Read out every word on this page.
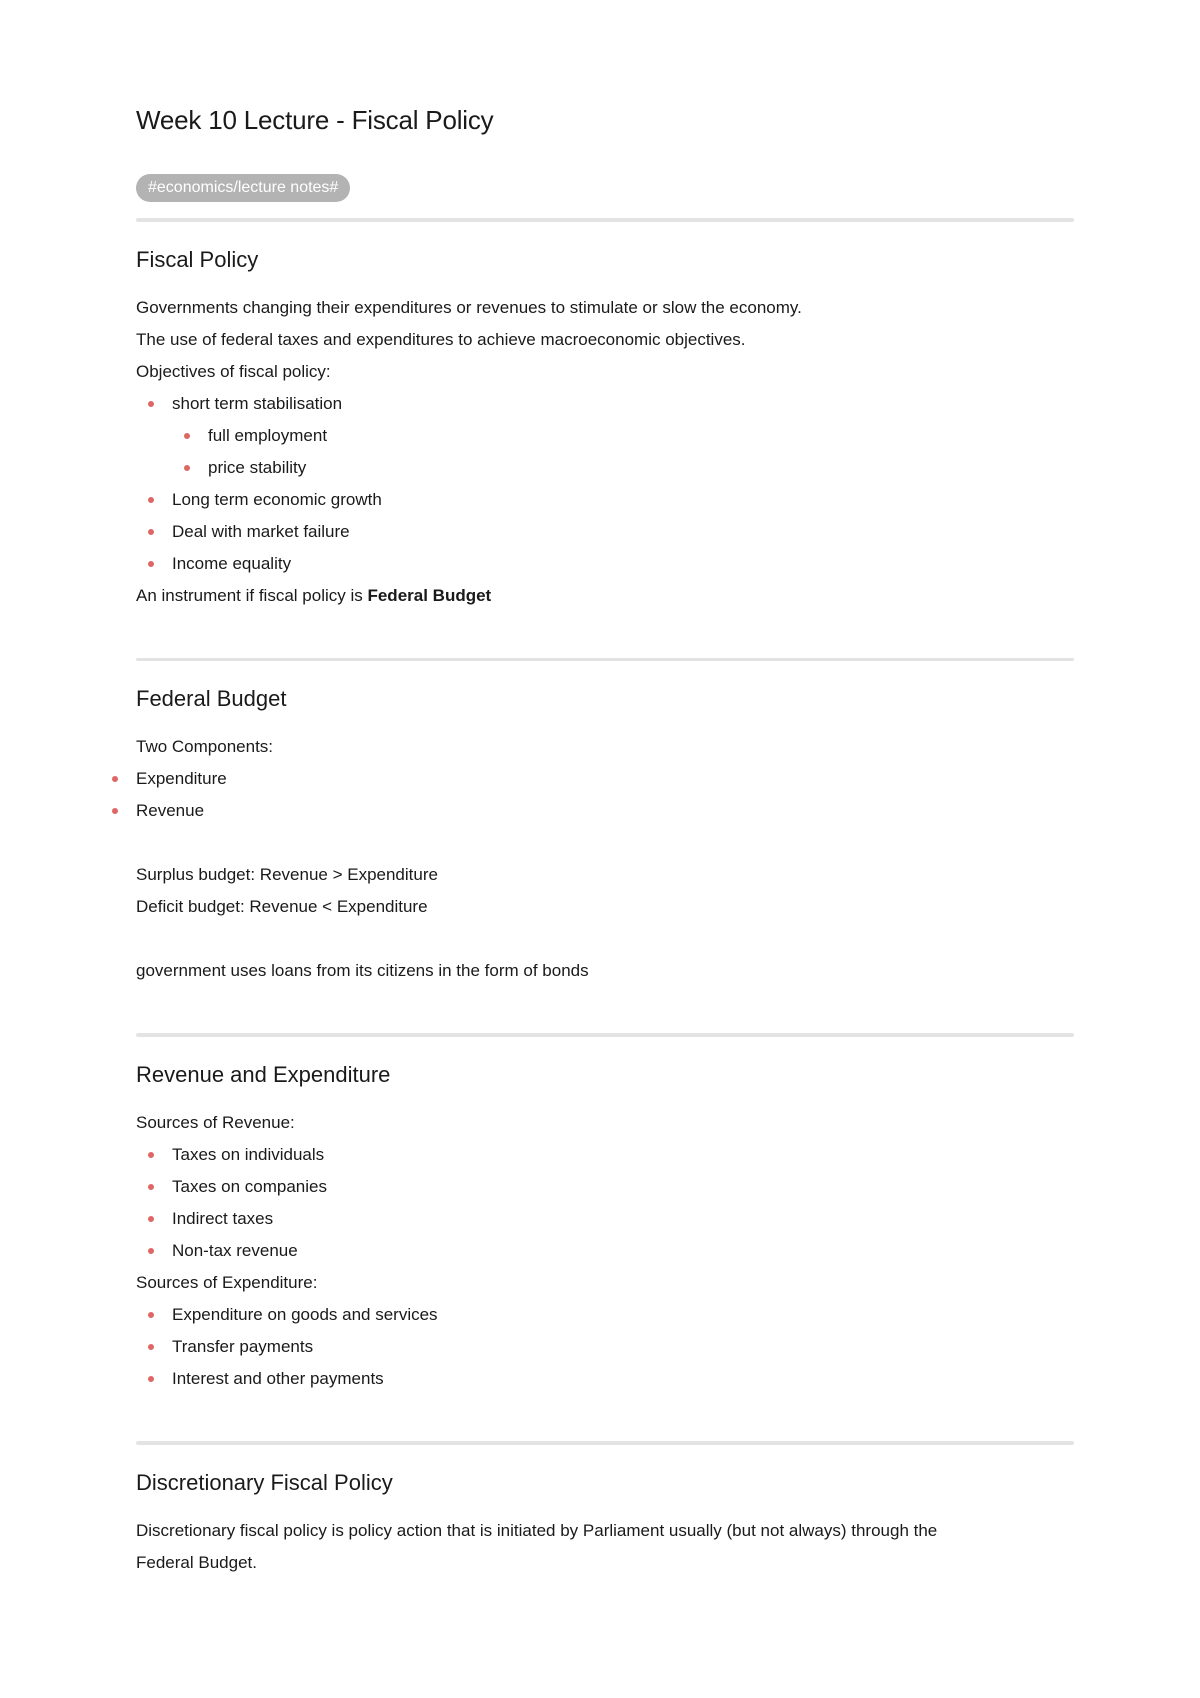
Week 10 Lecture - Fiscal Policy
#economics/lecture notes#
Fiscal Policy
Governments changing their expenditures or revenues to stimulate or slow the economy.
The use of federal taxes and expenditures to achieve macroeconomic objectives.
Objectives of fiscal policy:
short term stabilisation
full employment
price stability
Long term economic growth
Deal with market failure
Income equality
An instrument if fiscal policy is Federal Budget
Federal Budget
Two Components:
Expenditure
Revenue
Surplus budget: Revenue > Expenditure
Deficit budget: Revenue < Expenditure
government uses loans from its citizens in the form of bonds
Revenue and Expenditure
Sources of Revenue:
Taxes on individuals
Taxes on companies
Indirect taxes
Non-tax revenue
Sources of Expenditure:
Expenditure on goods and services
Transfer payments
Interest and other payments
Discretionary Fiscal Policy
Discretionary fiscal policy is policy action that is initiated by Parliament usually (but not always) through the
Federal Budget.
